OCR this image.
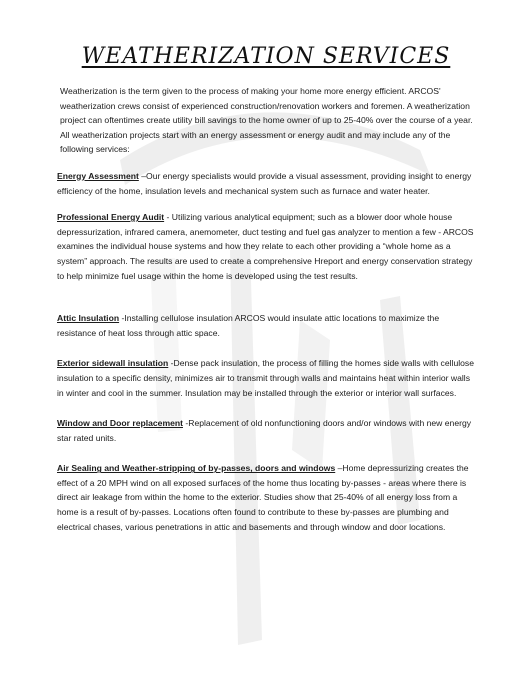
WEATHERIZATION SERVICES

Weatherization is the term given to the process of making your home more energy efficient. ARCOS' weatherization crews consist of experienced construction/renovation workers and foremen. A weatherization project can oftentimes create utility bill savings to the home owner of up to 25-40% over the course of a year. All weatherization projects start with an energy assessment or energy audit and may include any of the following services:

Energy Assessment –Our energy specialists would provide a visual assessment, providing insight to energy efficiency of the home, insulation levels and mechanical system such as furnace and water heater.

Professional Energy Audit - Utilizing various analytical equipment; such as a blower door whole house depressurization, infrared camera, anemometer, duct testing and fuel gas analyzer to mention a few - ARCOS examines the individual house systems and how they relate to each other providing a “whole home as a system” approach. The results are used to create a comprehensive Hreport and energy conservation strategy to help minimize fuel usage within the home is developed using the test results.

Attic Insulation -Installing cellulose insulation ARCOS would insulate attic locations to maximize the resistance of heat loss through attic space.

Exterior sidewall insulation -Dense pack insulation, the process of filling the homes side walls with cellulose insulation to a specific density, minimizes air to transmit through walls and maintains heat within interior walls in winter and cool in the summer. Insulation may be installed through the exterior or interior wall surfaces.

Window and Door replacement -Replacement of old nonfunctioning doors and/or windows with new energy star rated units.

Air Sealing and Weather-stripping of by-passes, doors and windows –Home depressurizing creates the effect of a 20 MPH wind on all exposed surfaces of the home thus locating by-passes - areas where there is direct air leakage from within the home to the exterior. Studies show that 25-40% of all energy loss from a home is a result of by-passes. Locations often found to contribute to these by-passes are plumbing and electrical chases, various penetrations in attic and basements and through window and door locations.
